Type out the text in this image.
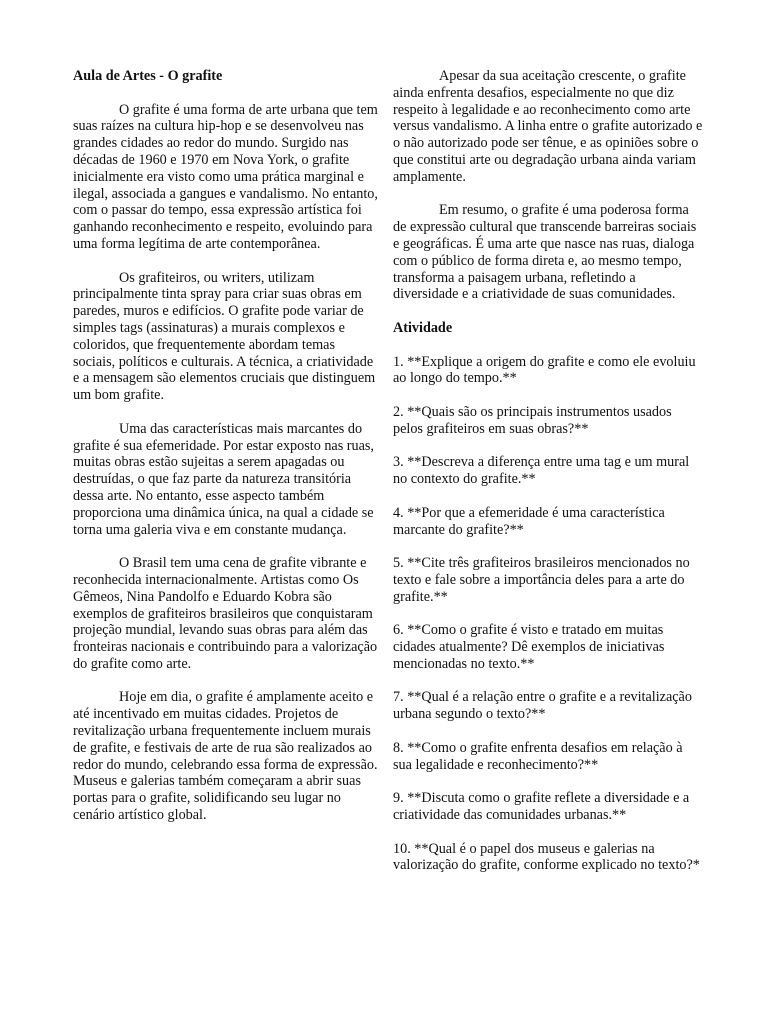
Aula de Artes - O grafite

O grafite é uma forma de arte urbana que tem suas raízes na cultura hip-hop e se desenvolveu nas grandes cidades ao redor do mundo. Surgido nas décadas de 1960 e 1970 em Nova York, o grafite inicialmente era visto como uma prática marginal e ilegal, associada a gangues e vandalismo. No entanto, com o passar do tempo, essa expressão artística foi ganhando reconhecimento e respeito, evoluindo para uma forma legítima de arte contemporânea.

Os grafiteiros, ou writers, utilizam principalmente tinta spray para criar suas obras em paredes, muros e edifícios. O grafite pode variar de simples tags (assinaturas) a murais complexos e coloridos, que frequentemente abordam temas sociais, políticos e culturais. A técnica, a criatividade e a mensagem são elementos cruciais que distinguem um bom grafite.

Uma das características mais marcantes do grafite é sua efemeridade. Por estar exposto nas ruas, muitas obras estão sujeitas a serem apagadas ou destruídas, o que faz parte da natureza transitória dessa arte. No entanto, esse aspecto também proporciona uma dinâmica única, na qual a cidade se torna uma galeria viva e em constante mudança.

O Brasil tem uma cena de grafite vibrante e reconhecida internacionalmente. Artistas como Os Gêmeos, Nina Pandolfo e Eduardo Kobra são exemplos de grafiteiros brasileiros que conquistaram projeção mundial, levando suas obras para além das fronteiras nacionais e contribuindo para a valorização do grafite como arte.

Hoje em dia, o grafite é amplamente aceito e até incentivado em muitas cidades. Projetos de revitalização urbana frequentemente incluem murais de grafite, e festivais de arte de rua são realizados ao redor do mundo, celebrando essa forma de expressão. Museus e galerias também começaram a abrir suas portas para o grafite, solidificando seu lugar no cenário artístico global.

Apesar da sua aceitação crescente, o grafite ainda enfrenta desafios, especialmente no que diz respeito à legalidade e ao reconhecimento como arte versus vandalismo. A linha entre o grafite autorizado e o não autorizado pode ser tênue, e as opiniões sobre o que constitui arte ou degradação urbana ainda variam amplamente.

Em resumo, o grafite é uma poderosa forma de expressão cultural que transcende barreiras sociais e geográficas. É uma arte que nasce nas ruas, dialoga com o público de forma direta e, ao mesmo tempo, transforma a paisagem urbana, refletindo a diversidade e a criatividade de suas comunidades.

Atividade

1. **Explique a origem do grafite e como ele evoluiu ao longo do tempo.**

2. **Quais são os principais instrumentos usados pelos grafiteiros em suas obras?**

3. **Descreva a diferença entre uma tag e um mural no contexto do grafite.**

4. **Por que a efemeridade é uma característica marcante do grafite?**

5. **Cite três grafiteiros brasileiros mencionados no texto e fale sobre a importância deles para a arte do grafite.**

6. **Como o grafite é visto e tratado em muitas cidades atualmente? Dê exemplos de iniciativas mencionadas no texto.**

7. **Qual é a relação entre o grafite e a revitalização urbana segundo o texto?**

8. **Como o grafite enfrenta desafios em relação à sua legalidade e reconhecimento?**

9. **Discuta como o grafite reflete a diversidade e a criatividade das comunidades urbanas.**

10. **Qual é o papel dos museus e galerias na valorização do grafite, conforme explicado no texto?*
